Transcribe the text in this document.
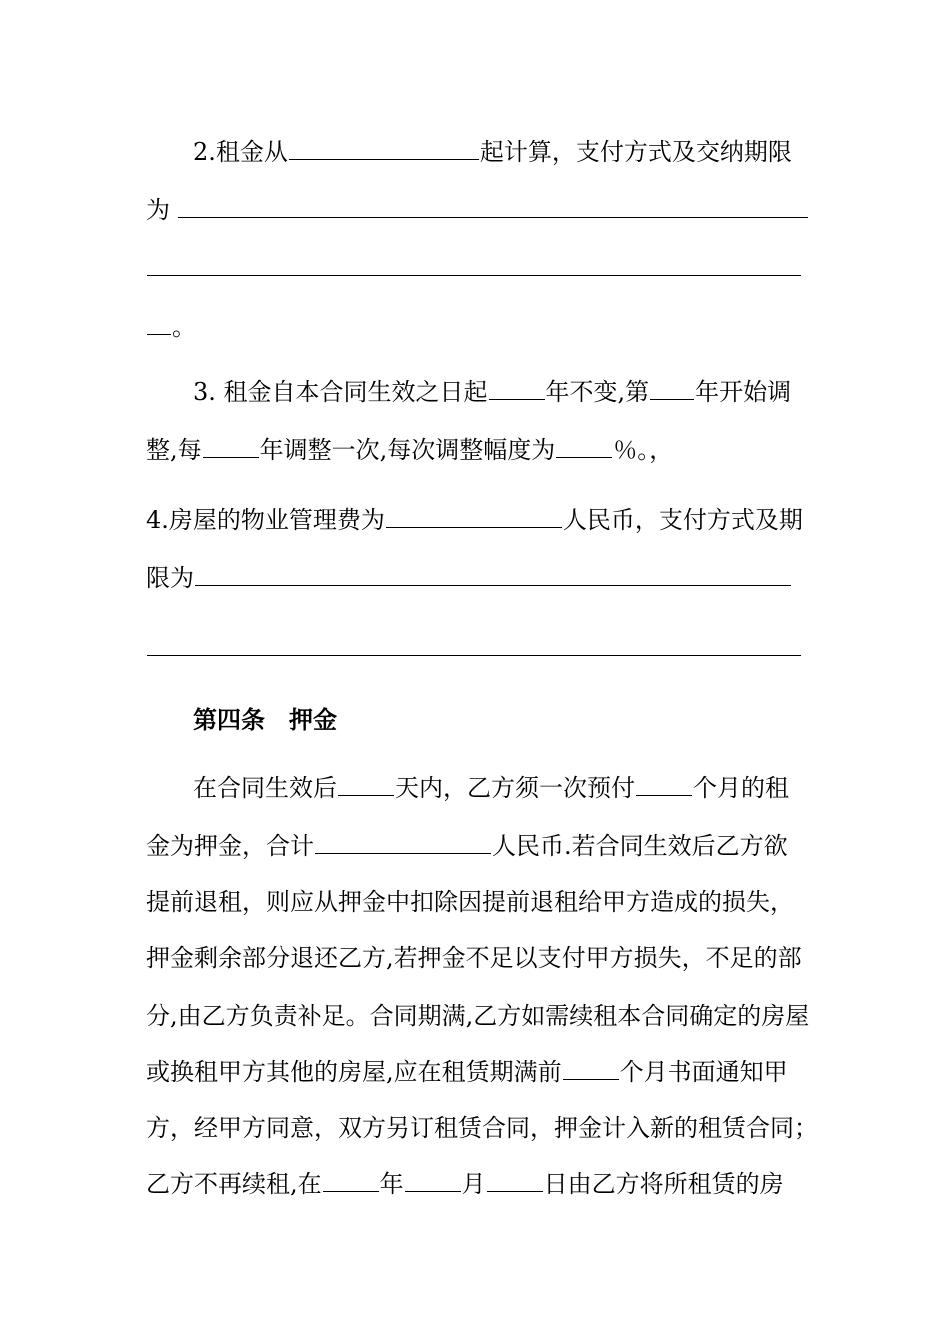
2.租金从	起计算，支付方式及交纳期限
为
。
3. 租金自本合同生效之日起 年不变,第 年开始调
整,每 年调整一次,每次调整幅度为 ％。，
4.房屋的物业管理费为	人民币，支付方式及期
限为
第四条　押金
在合同生效后 天内，乙方须一次预付 个月的租
金为押金，合计	人民币.若合同生效后乙方欲
提前退租，则应从押金中扣除因提前退租给甲方造成的损失，
押金剩余部分退还乙方,若押金不足以支付甲方损失，不足的部
分,由乙方负责补足。合同期满,乙方如需续租本合同确定的房屋
或换租甲方其他的房屋,应在租赁期满前 个月书面通知甲
方，经甲方同意，双方另订租赁合同，押金计入新的租赁合同；
乙方不再续租,在 年 月 日由乙方将所租赁的房
